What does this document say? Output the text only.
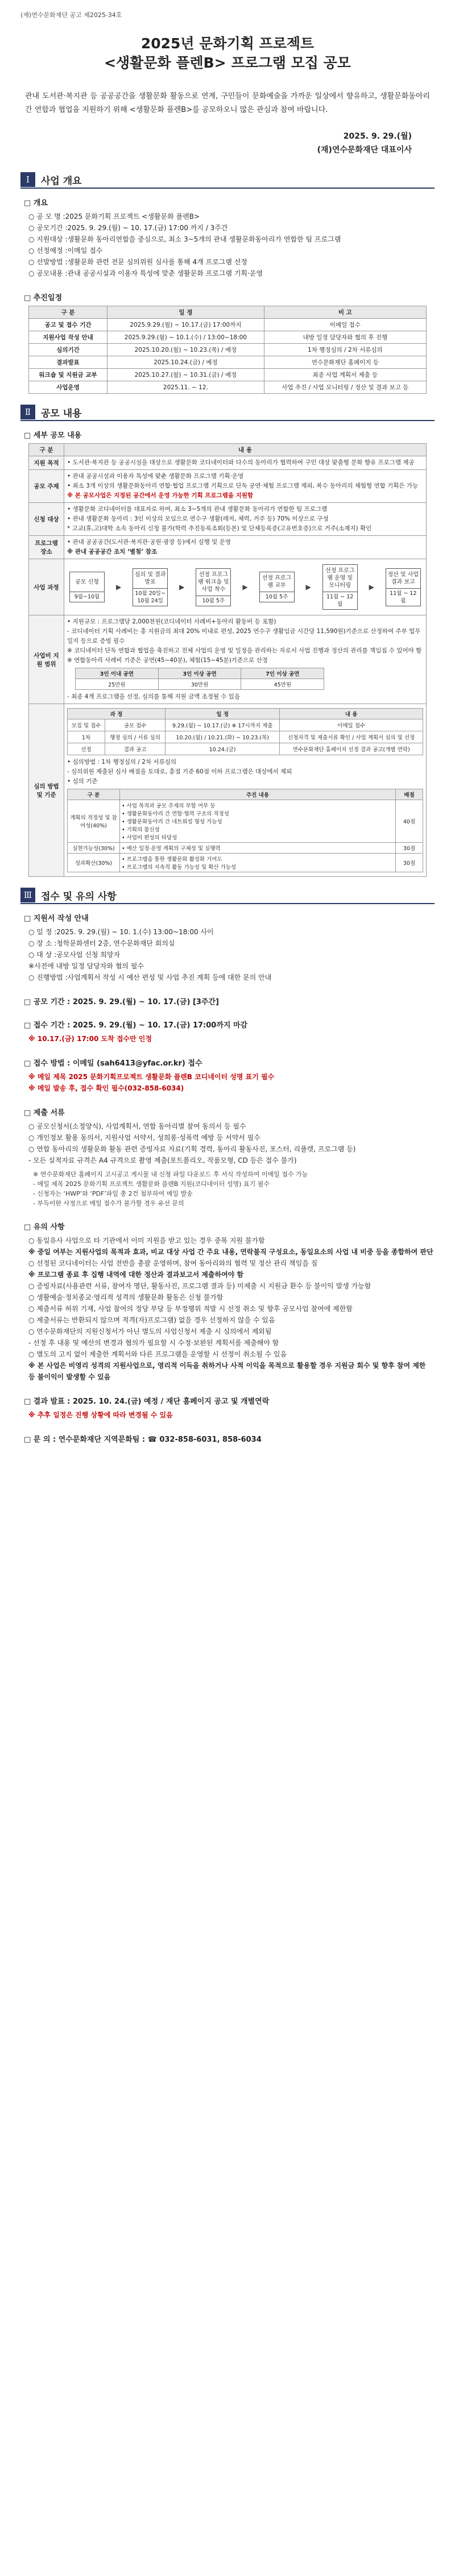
(재)연수문화재단 공고 제2025-34호
2025년 문화기획 프로젝트
<생활문화 플렌B> 프로그램 모집 공모

관내 도서관·복지관 등 공공공간을 생활문화 활동으로 연계, 구민들이 문화예술을 가까운 일상에서 향유하고, 생활문화동아리 간 연합과 협업을 지원하기 위해 <생활문화 플렌B>를 공모하오니 많은 관심과 참여 바랍니다.

2025. 9. 29.(월)
(재)연수문화재단 대표이사
Ⅰ	사업 개요
□ 개요
○ 공 모 명 : 2025 문화기획 프로젝트 <생활문화 플렌B>
○ 공모기간 : 2025. 9. 29.(월) ~ 10. 17.(금) 17:00 까지 / 3주간
○ 지원대상 : 생활문화 동아리연합을 중심으로, 최소 3~5개의 관내 생활문화동아리가 연합한 팀 프로그램
○ 선정예정 : 이메일 접수
○ 선발방법 : 생활문화 관련 전문 심의위원 심사를 통해 4개 프로그램 선정
○ 공모내용 : 관내 공공시설과 이용자 특성에 맞춘 생활문화 프로그램 기획·운영
□ 추진일정
구 분	일 정	비 고
공고 및 접수 기간	2025.9.29.(월) ~ 10.17.(금) 17:00까지	이메일 접수
지원사업 작성 안내	2025.9.29.(월) ~ 10.1.(수) / 13:00~18:00	내방 일정 담당자와 협의 후 진행
심의기간	2025.10.20.(월) ~ 10.23.(목) / 예정	1차 행정심의 / 2차 서류심의
결과발표	2025.10.24.(금) / 예정	연수문화재단 홈페이지 등
워크숍 및 지원금 교부	2025.10.27.(월) ~ 10.31.(금) / 예정	최종 사업 계획서 제출 등
사업운영	2025.11. ~ 12.	사업 추진 / 사업 모니터링 / 정산 및 결과 보고 등
Ⅱ	공모 내용
□ 세부 공모 내용
구 분	내 용
지원 목적	• 도서관·복지관 등 공공시설을 대상으로 생활문화 코디네이터와 다수의 동아리가 협력하여 구민 대상 맞춤형 문화 향유 프로그램 제공
공모 주제	
• 관내 공공시설과 이용자 특성에 맞춘 생활문화 프로그램 기획·운영
• 최소 3개 이상의 생활문화동아리 연합·협업 프로그램 기획으로 단독 공연·체험 프로그램 제외, 복수 동아리의 체험형 연합 기획은 가능
※ 본 공모사업은 지정된 공간에서 운영 가능한 기획 프로그램을 지원함

신청 대상	
• 생활문화 코디네이터를 대표자로 하여, 최소 3~5개의 관내 생활문화 동아리가 연합한 팀 프로그램
• 관내 생활문화 동아리 : 3인 이상의 모임으로 연수구 생활(레저, 체력, 거주 등) 70% 이상으로 구성
* 고교(휴,고)대학 소속 동아리 신청 불가(학력 추진동록조회(등본) 및 단체등록증(고유번호증)으로 거주(소재지) 확인

프로그램 장소	
• 관내 공공공간(도서관·복지관·공원·광장 등)에서 실행 및 운영
※ 관내 공공공간 조치 ‘별첨’ 참조

사업 과정	
공모 신청
9월~10월
▶
심의 및 결과발표
10월 20일~ 10월 24일
▶
선정 프로그램 워크숍 및 사업 착수
10월 5주
▶
선정 프로그램 교부
10월 5주
▶
선정 프로그램 운영 및 모니터링
11월 ~ 12월
▶
정산 및 사업 결과 보고
11월 ~ 12월

사업비 지원 범위	
• 지원규모 : 프로그램당 2,000천원(코디네이터 사례비+동아리 활동비 등 포함)
- 코디네이터 기획 사례비는 총 지원금의 최대 20% 이내로 편성, 2025 연수구 생활임금 시간당 11,590원)기준으로 산정하여 주부 업무일지 등으로 증빙 필수
※ 코디네이터 단독 연합과 협업을 축진하고 전체 사업의 운영 및 일정을 관리하는 자로서 사업 진행과 정산의 관리를 책임짐 수 있어야 함
※ 연합동아리 사례비 기준은 공연(45~40분), 체험(15~45분)기준으로 산정
3인 이내 공연	3인 이상 공연	7인 이상 공연
25만원	30만원	45만원
- 최종 4개 프로그램을 선정, 심의를 통해 지원 금액 조정될 수 있음

심의 방법 및 기준	
과 정	일 정	내 용
모집 및 접수	공모 접수	9.29.(월) ~ 10.17.(금) ※ 17시까지 제출	이메일 접수
1차	행정 심의 / 서류 심의	10.20.(월) / 10.21.(화) ~ 10.23.(목)	신청자격 및 제출서류 확인 / 사업 계획서 심의 및 선정
선정	결과 공고	10.24.(금)	연수문화재단 홈페이지 선정 결과 공고(개별 연락)
• 심의방법 : 1차 행정심의 / 2차 서류심의
- 심의위원 제출된 심사 배점을 토대로, 총점 기준 60점 이하 프로그램은 대상에서 제외
• 심의 기준
구 분	주진 내용	배점
계획의 적정성 및 참여성(40%)	• 사업 목적과 공모 주제의 부합 여부 등
• 생활문화동아리 간 연합·협력 구조의 적정성
• 생활문화동아리 간 네트워킹 형성 가능성
• 기획의 참신성
• 사업비 편성의 타당성	40점
실현가능성(30%)	• 예산 일정·운영 계획의 구체성 및 실행력	30점
성과확산(30%)	• 프로그램을 통한 생활문화 활성화 기여도
• 프로그램의 지속적 활동 가능성 및 확산 가능성	30점
Ⅲ 접수 및 유의 사항
□ 지원서 작성 안내
○ 일 정 : 2025. 9. 29.(월) ~ 10. 1.(수) 13:00~18:00 사이
○ 장 소 : 청학문화센터 2층, 연수문화재단 회의실
○ 대 상 : 공모사업 신청 희망자
※ 사전에 내방 일정 담당자와 협의 필수
○ 진행방법 : 사업계획서 작성 시 예산 편성 및 사업 추진 계획 등에 대한 문의 안내
□ 공모 기간 : 2025. 9. 29.(월) ~ 10. 17.(금) [3주간]
□ 접수 기간 : 2025. 9. 29.(월) ~ 10. 17.(금) 17:00까지 마감
※ 10.17.(금) 17:00 도착 접수만 인정
□ 접수 방법 : 이메일 (sah6413@yfac.or.kr) 접수
※ 메일 제목 2025 문화기획프로젝트 생활문화 플렌B 코디네이터 성명 표기 필수
※ 메일 발송 후, 접수 확인 필수(032-858-6034)
□ 제출 서류
○ 공모신청서(소정양식), 사업계획서, 연합 동아리별 참여 동의서 등 필수
○ 개인정보 활용 동의서, 지원사업 서약서, 성희롱·성폭력 예방 등 서약서 필수
○ 연합 동아리의 생활문화 활동 관련 증빙자료 자료(기획 경력, 동아리 활동사진, 포스터, 리플렛, 프로그램 등)
- 모든 실적자료 규격은 A4 규격으로 촬영 제출(포트폴리오, 작품모형, CD 등은 접수 불가)
※ 연수문화재단 홈페이지 고시공고 게시물 내 신청 파일 다운로드 후 서식 작성하여 이메일 접수 가능
- 메일 제목 2025 문화기획 프로젝트 생활문화 플렌B 지원(코디네이터 성명) 표기 필수
- 신청자는 ‘HWP’와 ‘PDF’파일 총 2건 첨부하여 메일 발송
- 부득이한 사정으로 메일 접수가 불가할 경우 유선 문의
□ 유의 사항
○ 동일유사 사업으로 타 기관에서 이미 지원을 받고 있는 경우 중복 지원 불가함
※ 중일 여부는 지원사업의 목적과 효과, 비교 대상 사업 간 주요 내용, 연락불직 구성요소, 동일요소의 사업 내 비중 등을 종합하여 판단
○ 선정된 코디네이터는 사업 전반을 총괄 운영하며, 참여 동아리와의 협력 및 정산 관리 책임을 짐
※ 프로그램 종료 후 집행 내역에 대한 정산과 결과보고서 제출하여야 함
○ 증빙자료(사용관련 서류, 참여자 명단, 활동사진, 프로그램 결과 등) 미제출 시 지원금 환수 등 불이익 발생 가능함
○ 생활예술·정치종교·영리적 성격의 생활문화 활동은 신청 불가함
○ 제출서류 허위 기재, 사업 참여의 정당 부당 등 부정행위 적발 시 선정 취소 및 향후 공모사업 참여에 제한함
○ 제출서류는 반환되지 않으며 적격(자)프로그램) 없을 경우 선정하지 않을 수 있음
○ 연수문화재단의 지원신청서가 아닌 별도의 사업신청서 제출 시 심의에서 제외됨
- 선정 후 내용 및 예산의 변경과 협의가 필요할 시 수정·보완된 계획서를 제출해야 함
○ 별도의 고지 없이 제출한 계획서와 다른 프로그램을 운영할 시 선정이 취소될 수 있음
※ 본 사업은 비영리 성격의 지원사업으로, 영리적 이득을 취하거나 사적 이익을 목적으로 활용할 경우 지원금 회수 및 향후 참여 제한 등 불이익이 발생할 수 있음
□ 결과 발표 : 2025. 10. 24.(금) 예정 / 재단 홈페이지 공고 및 개별연락
※ 추후 일정은 진행 상황에 따라 변경될 수 있음
□ 문 의 : 연수문화재단 지역문화팀 : ☎ 032-858-6031, 858-6034
